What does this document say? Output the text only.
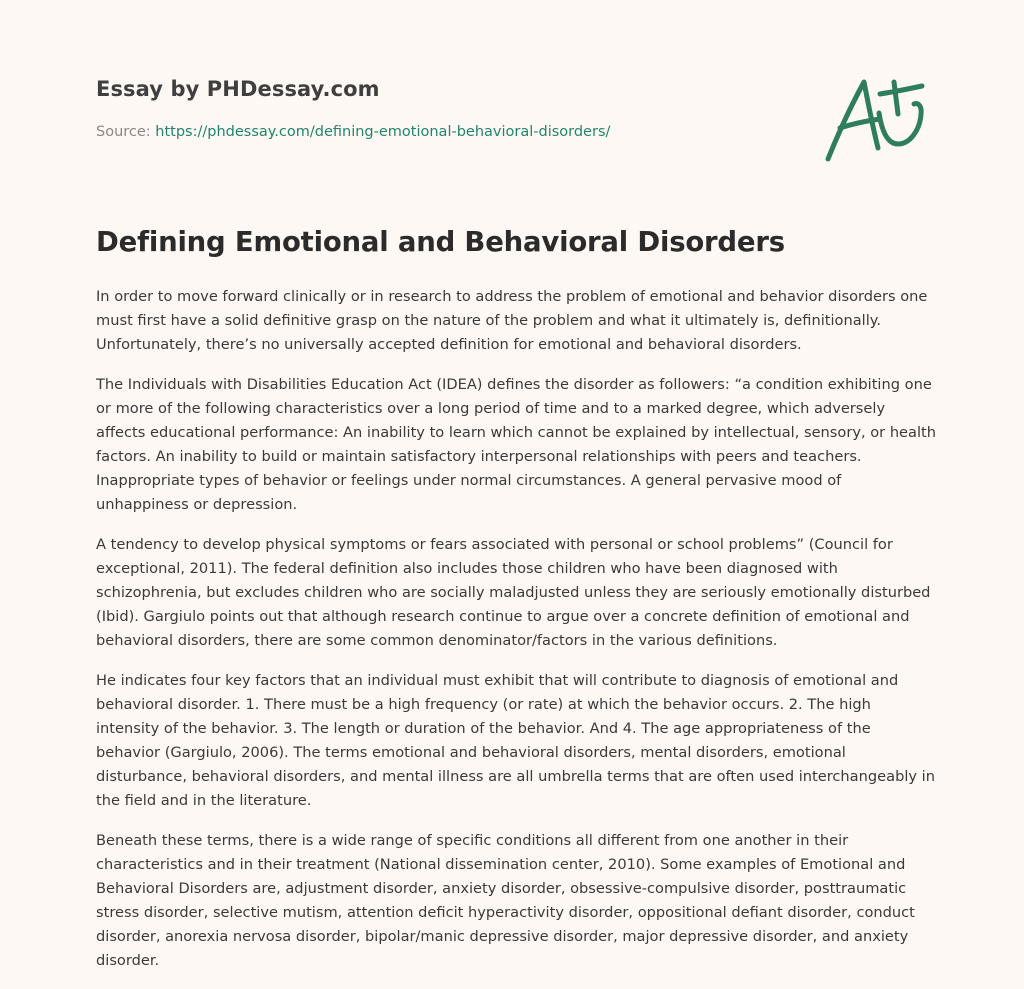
Essay by PHDessay.com
Source: https://phdessay.com/defining-emotional-behavioral-disorders/
Defining Emotional and Behavioral Disorders

In order to move forward clinically or in research to address the problem of emotional and behavior disorders one must first have a solid definitive grasp on the nature of the problem and what it ultimately is, definitionally. Unfortunately, there’s no universally accepted definition for emotional and behavioral disorders.

The Individuals with Disabilities Education Act (IDEA) defines the disorder as followers: “a condition exhibiting one or more of the following characteristics over a long period of time and to a marked degree, which adversely affects educational performance: An inability to learn which cannot be explained by intellectual, sensory, or health factors. An inability to build or maintain satisfactory interpersonal relationships with peers and teachers. Inappropriate types of behavior or feelings under normal circumstances. A general pervasive mood of unhappiness or depression.

A tendency to develop physical symptoms or fears associated with personal or school problems” (Council for exceptional, 2011). The federal definition also includes those children who have been diagnosed with schizophrenia, but excludes children who are socially maladjusted unless they are seriously emotionally disturbed (Ibid). Gargiulo points out that although research continue to argue over a concrete definition of emotional and behavioral disorders, there are some common denominator/factors in the various definitions.

He indicates four key factors that an individual must exhibit that will contribute to diagnosis of emotional and behavioral disorder. 1. There must be a high frequency (or rate) at which the behavior occurs. 2. The high intensity of the behavior. 3. The length or duration of the behavior. And 4. The age appropriateness of the behavior (Gargiulo, 2006). The terms emotional and behavioral disorders, mental disorders, emotional disturbance, behavioral disorders, and mental illness are all umbrella terms that are often used interchangeably in the field and in the literature.

Beneath these terms, there is a wide range of specific conditions all different from one another in their characteristics and in their treatment (National dissemination center, 2010). Some examples of Emotional and Behavioral Disorders are, adjustment disorder, anxiety disorder, obsessive-compulsive disorder, posttraumatic stress disorder, selective mutism, attention deficit hyperactivity disorder, oppositional defiant disorder, conduct disorder, anorexia nervosa disorder, bipolar/manic depressive disorder, major depressive disorder, and anxiety disorder.
